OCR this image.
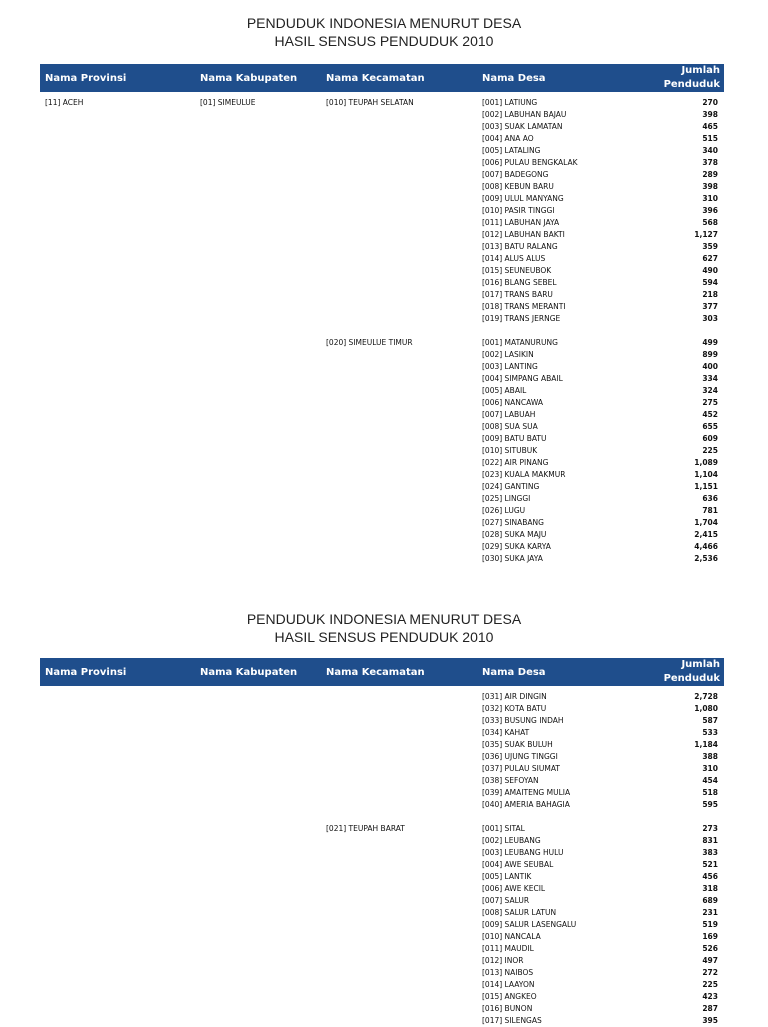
PENDUDUK INDONESIA MENURUT DESA
HASIL SENSUS PENDUDUK 2010
Nama Provinsi	Nama Kabupaten	Nama Kecamatan	Nama Desa
Jumlah
Penduduk
[11] ACEH	[01] SIMEULUE	[010] TEUPAH SELATAN	[001] LATIUNG	270
[002] LABUHAN BAJAU	398
[003] SUAK LAMATAN	465
[004] ANA AO	515
[005] LATALING	340
[006] PULAU BENGKALAK	378
[007] BADEGONG	289
[008] KEBUN BARU	398
[009] ULUL MANYANG	310
[010] PASIR TINGGI	396
[011] LABUHAN JAYA	568
[012] LABUHAN BAKTI	1,127
[013] BATU RALANG	359
[014] ALUS ALUS	627
[015] SEUNEUBOK	490
[016] BLANG SEBEL	594
[017] TRANS BARU	218
[018] TRANS MERANTI	377
[019] TRANS JERNGE	303
[020] SIMEULUE TIMUR	[001] MATANURUNG	499
[002] LASIKIN	899
[003] LANTING	400
[004] SIMPANG ABAIL	334
[005] ABAIL	324
[006] NANCAWA	275
[007] LABUAH	452
[008] SUA SUA	655
[009] BATU BATU	609
[010] SITUBUK	225
[022] AIR PINANG	1,089
[023] KUALA MAKMUR	1,104
[024] GANTING	1,151
[025] LINGGI	636
[026] LUGU	781
[027] SINABANG	1,704
[028] SUKA MAJU	2,415
[029] SUKA KARYA	4,466
[030] SUKA JAYA	2,536
PENDUDUK INDONESIA MENURUT DESA
HASIL SENSUS PENDUDUK 2010
Nama Provinsi	Nama Kabupaten	Nama Kecamatan	Nama Desa
Jumlah
Penduduk
[031] AIR DINGIN	2,728
[032] KOTA BATU	1,080
[033] BUSUNG INDAH	587
[034] KAHAT	533
[035] SUAK BULUH	1,184
[036] UJUNG TINGGI	388
[037] PULAU SIUMAT	310
[038] SEFOYAN	454
[039] AMAITENG MULIA	518
[040] AMERIA BAHAGIA	595
[021] TEUPAH BARAT	[001] SITAL	273
[002] LEUBANG	831
[003] LEUBANG HULU	383
[004] AWE SEUBAL	521
[005] LANTIK	456
[006] AWE KECIL	318
[007] SALUR	689
[008] SALUR LATUN	231
[009] SALUR LASENGALU	519
[010] NANCALA	169
[011] MAUDIL	526
[012] INOR	497
[013] NAIBOS	272
[014] LAAYON	225
[015] ANGKEO	423
[016] BUNON	287
[017] SILENGAS	395
